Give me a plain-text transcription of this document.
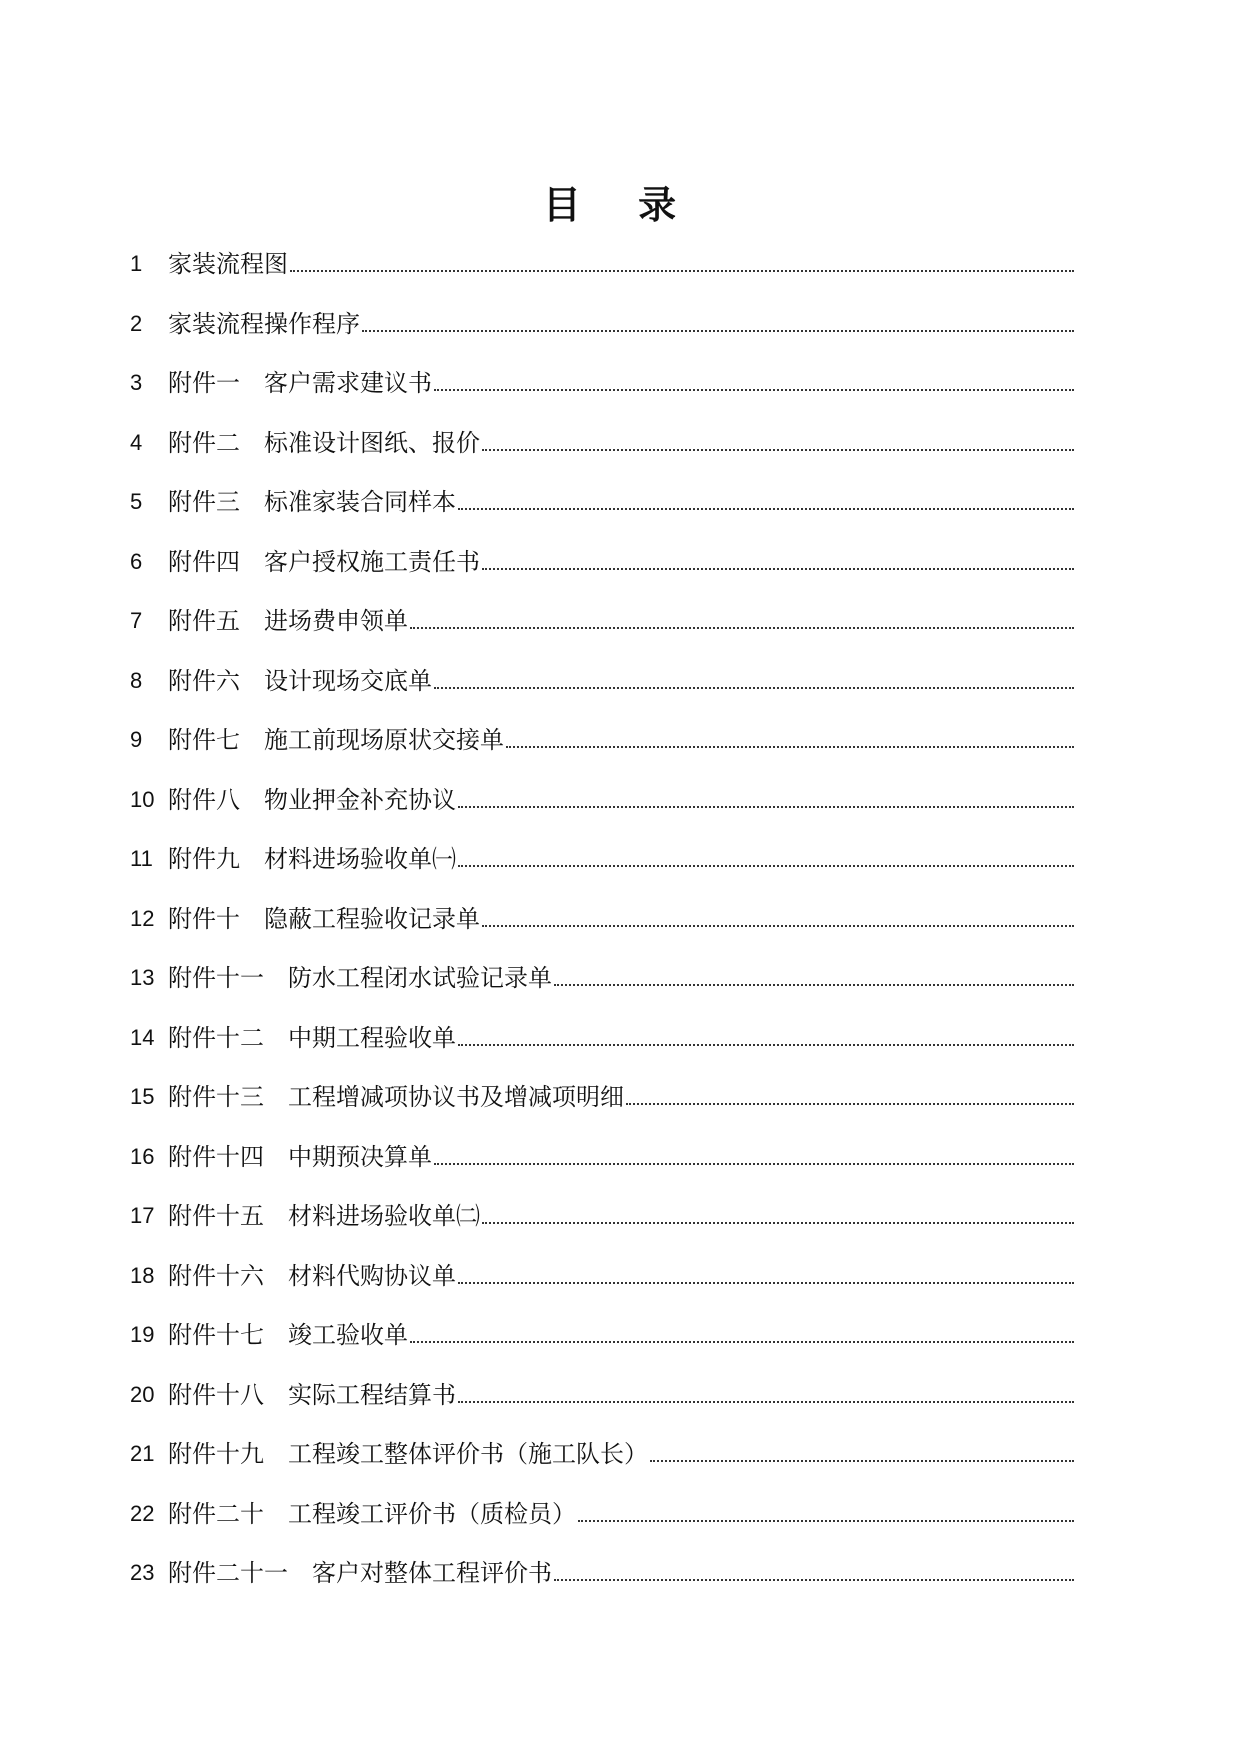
目 录
1	家装流程图
2	家装流程操作程序
3	附件一　客户需求建议书
4	附件二　标准设计图纸、报价
5	附件三　标准家装合同样本
6	附件四　客户授权施工责任书
7	附件五　进场费申领单
8	附件六　设计现场交底单
9	附件七　施工前现场原状交接单
10 附件八　物业押金补充协议
11 附件九　材料进场验收单㈠
12 附件十　隐蔽工程验收记录单
13 附件十一　防水工程闭水试验记录单
14 附件十二　中期工程验收单
15 附件十三　工程增减项协议书及增减项明细
16 附件十四　中期预决算单
17 附件十五　材料进场验收单㈡
18 附件十六　材料代购协议单
19 附件十七　竣工验收单
20 附件十八　实际工程结算书
21 附件十九　工程竣工整体评价书（施工队长）
22 附件二十　工程竣工评价书（质检员）
23 附件二十一　客户对整体工程评价书
